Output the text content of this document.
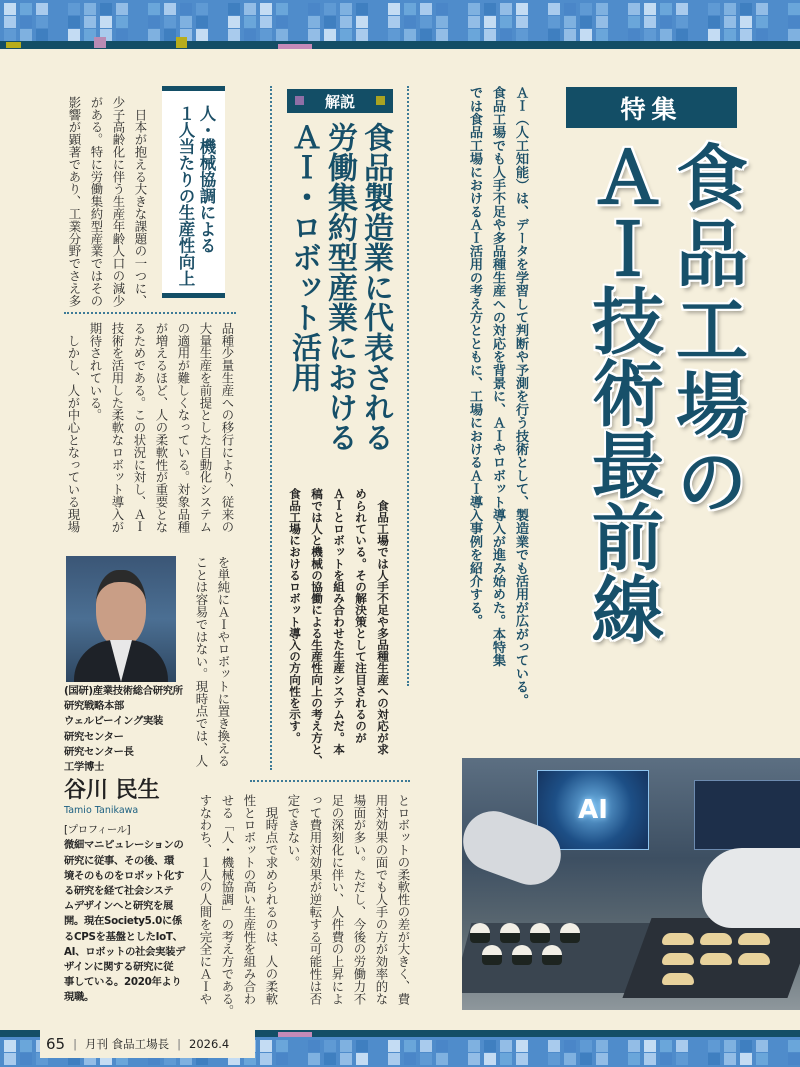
特集
食品工場の
ＡＩ技術最前線
ＡＩ（人工知能）は、データを学習して判断や予測を行う技術として、製造業でも活用が広がっている。
食品工場でも人手不足や多品種生産への対応を背景に、ＡＩやロボット導入が進み始めた。本特集
では食品工場におけるＡＩ活用の考え方とともに、工場におけるＡＩ導入事例を紹介する。
解説
食品製造業に代表される
労働集約型産業における
ＡＩ・ロボット活用
　食品工場では人手不足や多品種生産への対応が求
められている。その解決策として注目されるのが
ＡＩとロボットを組み合わせた生産システムだ。本
稿では人と機械の協働による生産性向上の考え方と、
食品工場におけるロボット導入の方向性を示す。
人・機械協調による
１人当たりの生産性向上
　日本が抱える大きな課題の一つに、
少子高齢化に伴う生産年齢人口の減少
がある。特に労働集約型産業ではその
影響が顕著であり、工業分野でさえ多
品種少量生産への移行により、従来の
大量生産を前提とした自動化システム
の適用が難しくなっている。対象品種
が増えるほど、人の柔軟性が重要とな
るためである。この状況に対し、ＡＩ
技術を活用した柔軟なロボット導入が
期待されている。
　しかし、人が中心となっている現場
を単純にＡＩやロボットに置き換える
ことは容易ではない。現時点では、人
とロボットの柔軟性の差が大きく、費
用対効果の面でも人手の方が効率的な
場面が多い。ただし、今後の労働力不
足の深刻化に伴い、人件費の上昇によ
って費用対効果が逆転する可能性は否
定できない。
　現時点で求められるのは、人の柔軟
性とロボットの高い生産性を組み合わ
せる「人・機械協調」の考え方である。
すなわち、１人の人間を完全にＡＩや
(国研)産業技術総合研究所
研究戦略本部
ウェルビーイング実装
研究センター
研究センター長
工学博士
谷川 民生
Tamio Tanikawa
[プロフィール]
微細マニピュレーションの
研究に従事、その後、環
境そのものをロボット化す
る研究を経て社会システ
ムデザインへと研究を展
開。現在Society5.0に係
るCPSを基盤としたIoT、
AI、ロボットの社会実装デ
ザインに関する研究に従
事している。2020年より
現職。
AI
65 | 月刊 食品工場長 | 2026.4
